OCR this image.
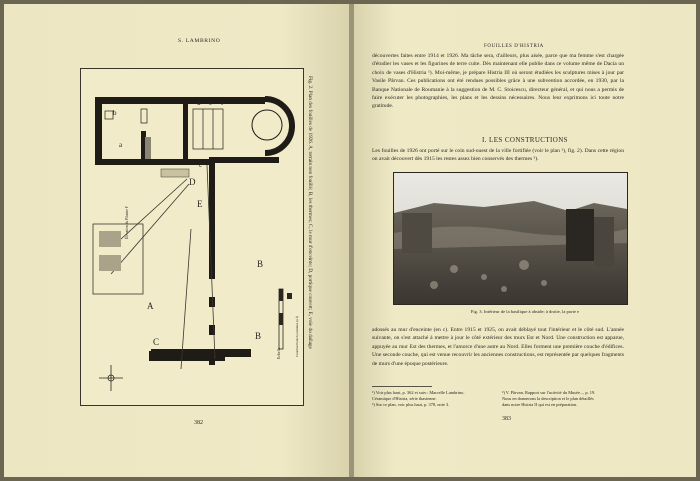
S. LAMBRINO
A
B
B
C
D
E
a
b
c
d e f
Élévation du Pilastre F
Echelle	Constructions byzantines (a-f) Fig. 2. Plan des fouilles de 1926. A, terrain non fouillé; B, les thermes; C, le mur d'enceinte; D, portique couvert; E, voie du dallage
382
FOUILLES D'HISTRIA
découvertes faites entre 1914 et 1926. Ma tâche sera, d'ailleurs, plus aisée, parce que ma femme s'est chargée d'étudier les vases et les figurines de terre cuite. Dès maintenant elle publie dans ce volume même de Dacia un choix de vases d'Histria ¹). Moi-même, je prépare Histria III où seront étudiées les sculptures mises à jour par Vasile Pârvan. Ces publications ont été rendues possibles grâce à une subvention accordée, en 1930, par la Banque Nationale de Roumanie à la suggestion de M. C. Stoicescu, directeur général, et qui nous a permis de faire exécuter les photographies, les plans et les dessins nécessaires. Nous leur exprimons ici toute notre gratitude.
I. LES CONSTRUCTIONS
Les fouilles de 1926 ont porté sur le coin sud-ouest de la ville fortifiée (voir le plan ²), fig. 2). Dans cette région on avait découvert dès 1915 les restes assez bien conservés des thermes ³).
Fig. 3. Intérieur de la basilique à abside; à droite, la porte e
adossés au mur d'enceinte (en c). Entre 1915 et 1925, on avait déblayé tout l'intérieur et le côté sud. L'année suivante, on s'est attaché à mettre à jour le côté extérieur des murs Est et Nord. Une construction est apparue, appuyée au mur Est des thermes, et l'amorce d'une autre au Nord. Elles forment une première couche d'édifices. Une seconde couche, qui est venue recouvrir les anciennes constructions, est représentée par quelques fragments de murs d'une époque postérieure.
¹) Voir plus haut, p. 362 et suiv.: Marcelle Lambrino,
Céramique d'Histria, série thasienne.
²) Sur ce plan, voir plus haut, p. 378, note 3.
³) V. Pârvan, Rapport sur l'activité du Musée..., p. 19.
Nous en donnerons la description et le plan détaillés
dans notre Histria II qui est en préparation.
383
